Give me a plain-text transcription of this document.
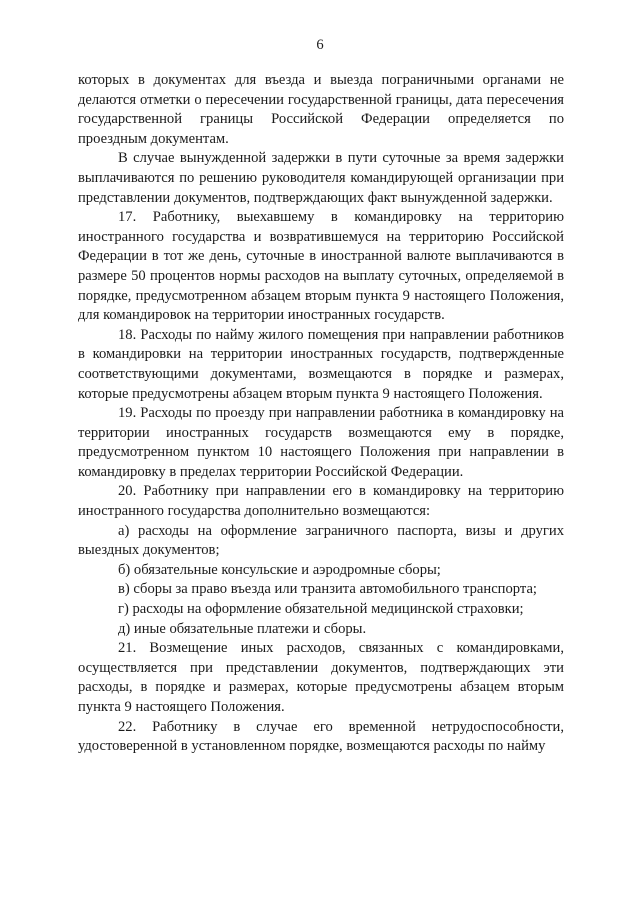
6

которых в документах для въезда и выезда пограничными органами не делаются отметки о пересечении государственной границы, дата пересечения государственной границы Российской Федерации определяется по проездным документам.

В случае вынужденной задержки в пути суточные за время задержки выплачиваются по решению руководителя командирующей организации при представлении документов, подтверждающих факт вынужденной задержки.

17. Работнику, выехавшему в командировку на территорию иностранного государства и возвратившемуся на территорию Российской Федерации в тот же день, суточные в иностранной валюте выплачиваются в размере 50 процентов нормы расходов на выплату суточных, определяемой в порядке, предусмотренном абзацем вторым пункта 9 настоящего Положения, для командировок на территории иностранных государств.

18. Расходы по найму жилого помещения при направлении работников в командировки на территории иностранных государств, подтвержденные соответствующими документами, возмещаются в порядке и размерах, которые предусмотрены абзацем вторым пункта 9 настоящего Положения.

19. Расходы по проезду при направлении работника в командировку на территории иностранных государств возмещаются ему в порядке, предусмотренном пунктом 10 настоящего Положения при направлении в командировку в пределах территории Российской Федерации.

20. Работнику при направлении его в командировку на территорию иностранного государства дополнительно возмещаются:

а) расходы на оформление заграничного паспорта, визы и других выездных документов;

б) обязательные консульские и аэродромные сборы;

в) сборы за право въезда или транзита автомобильного транспорта;

г) расходы на оформление обязательной медицинской страховки;

д) иные обязательные платежи и сборы.

21. Возмещение иных расходов, связанных с командировками, осуществляется при представлении документов, подтверждающих эти расходы, в порядке и размерах, которые предусмотрены абзацем вторым пункта 9 настоящего Положения.

22. Работнику в случае его временной нетрудоспособности, удостоверенной в установленном порядке, возмещаются расходы по найму
